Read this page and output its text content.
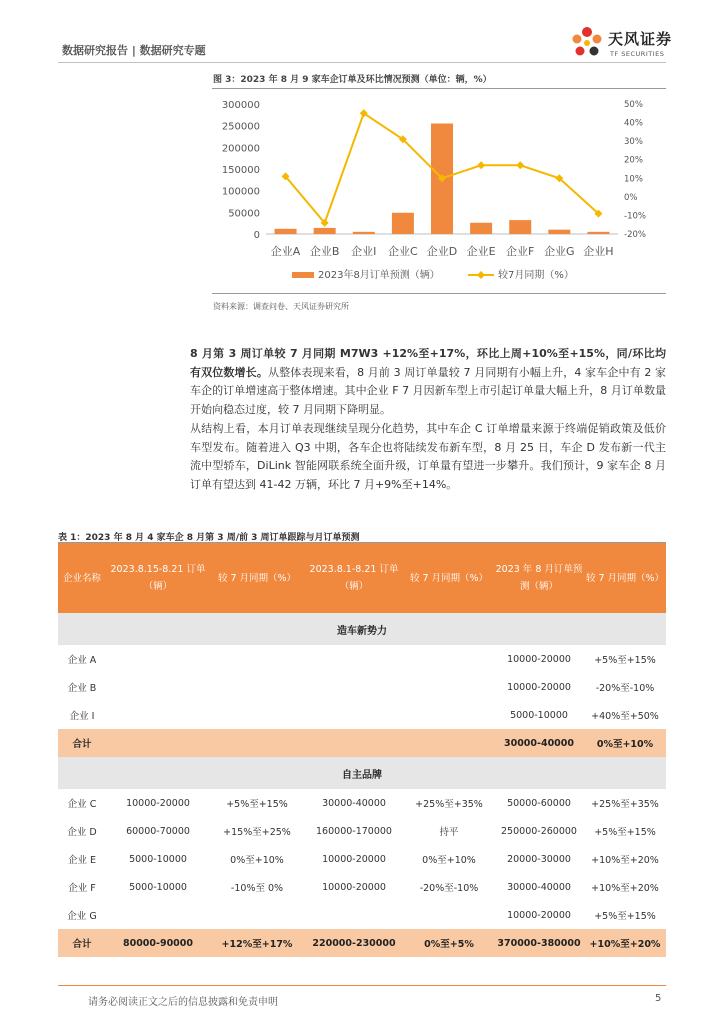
数据研究报告 | 数据研究专题
天风证券
TF SECURITIES
图 3：2023 年 8 月 9 家车企订单及环比情况预测（单位：辆，%）
0
50000
100000
150000
200000
250000
300000
-20%
-10%
0%
10%
20%
30%
40%
50%
企业A 企业B 企业I 企业C 企业D 企业E 企业F 企业G 企业H
2023年8月订单预测（辆）	较7月同期（%）
资料来源：调查问卷、天风证券研究所
8 月第 3 周订单较 7 月同期 M7W3 +12%至+17%，环比上周+10%至+15%，同/环比均有双位数增长。从整体表现来看，8 月前 3 周订单量较 7 月同期有小幅上升，4 家车企中有 2 家车企的订单增速高于整体增速。其中企业 F 7 月因新车型上市引起订单量大幅上升，8 月订单数量开始向稳态过度，较 7 月同期下降明显。
从结构上看，本月订单表现继续呈现分化趋势，其中车企 C 订单增量来源于终端促销政策及低价车型发布。随着进入 Q3 中期，各车企也将陆续发布新车型，8 月 25 日，车企 D 发布新一代主流中型轿车，DiLink 智能网联系统全面升级，订单量有望进一步攀升。我们预计，9 家车企 8 月订单有望达到 41-42 万辆，环比 7 月+9%至+14%。
表 1：2023 年 8 月 4 家车企 8 月第 3 周/前 3 周订单跟踪与月订单预测
企业名称	2023.8.15-8.21 订单（辆）	较 7 月同期（%）	2023.8.1-8.21 订单（辆）	较 7 月同期（%）	2023 年 8 月订单预测（辆）	较 7 月同期（%）
造车新势力						
企业 A					10000-20000	+5%至+15%
企业 B					10000-20000	-20%至-10%
企业 I					5000-10000	+40%至+50%
合计					30000-40000	0%至+10%
自主品牌						
企业 C	10000-20000	+5%至+15%	30000-40000	+25%至+35%	50000-60000	+25%至+35%
企业 D	60000-70000	+15%至+25%	160000-170000	持平	250000-260000	+5%至+15%
企业 E	5000-10000	0%至+10%	10000-20000	0%至+10%	20000-30000	+10%至+20%
企业 F	5000-10000	-10%至 0%	10000-20000	-20%至-10%	30000-40000	+10%至+20%
企业 G					10000-20000	+5%至+15%
合计	80000-90000	+12%至+17%	220000-230000	0%至+5%	370000-380000	+10%至+20%
请务必阅读正文之后的信息披露和免责申明	5
